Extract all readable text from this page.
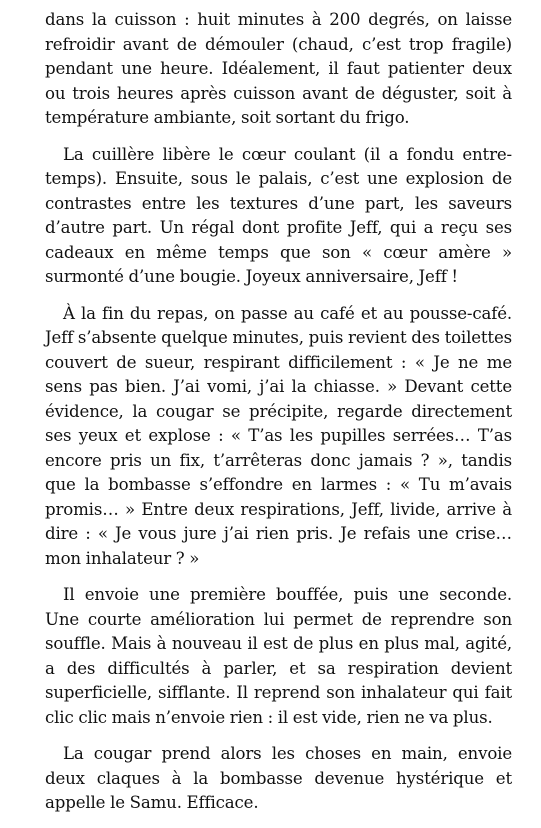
dans la cuisson : huit minutes à 200 degrés, on laisse refroidir avant de démouler (chaud, c’est trop fragile) pendant une heure. Idéalement, il faut patienter deux ou trois heures après cuisson avant de déguster, soit à température ambiante, soit sortant du frigo.

La cuillère libère le cœur coulant (il a fondu entre-temps). Ensuite, sous le palais, c’est une explosion de contrastes entre les textures d’une part, les saveurs d’autre part. Un régal dont profite Jeff, qui a reçu ses cadeaux en même temps que son « cœur amère » surmonté d’une bougie. Joyeux anniversaire, Jeff !

À la fin du repas, on passe au café et au pousse-café. Jeff s’absente quelque minutes, puis revient des toilettes couvert de sueur, respirant difficilement : « Je ne me sens pas bien. J’ai vomi, j’ai la chiasse. » Devant cette évidence, la cougar se précipite, regarde directement ses yeux et explose : « T’as les pupilles serrées… T’as encore pris un fix, t’arrêteras donc jamais ? », tandis que la bombasse s’effondre en larmes : « Tu m’avais promis… » Entre deux respirations, Jeff, livide, arrive à dire : « Je vous jure j’ai rien pris. Je refais une crise… mon inhalateur ? »

Il envoie une première bouffée, puis une seconde. Une courte amélioration lui permet de reprendre son souffle. Mais à nouveau il est de plus en plus mal, agité, a des difficultés à parler, et sa respiration devient superficielle, sifflante. Il reprend son inhalateur qui fait clic clic mais n’envoie rien : il est vide, rien ne va plus.

La cougar prend alors les choses en main, envoie deux claques à la bombasse devenue hystérique et appelle le Samu. Efficace.
